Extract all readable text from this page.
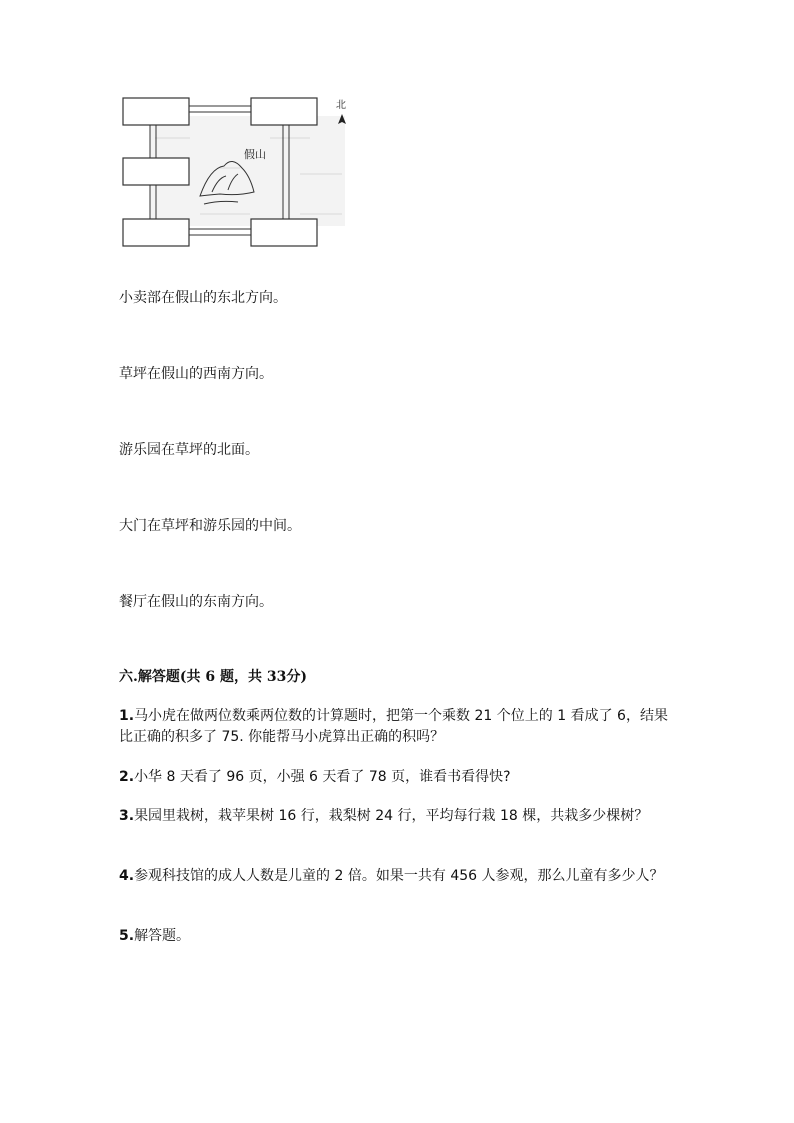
假山
北
小卖部在假山的东北方向。
草坪在假山的西南方向。
游乐园在草坪的北面。
大门在草坪和游乐园的中间。
餐厅在假山的东南方向。
六.解答题(共 6 题，共 33分)
1.马小虎在做两位数乘两位数的计算题时，把第一个乘数 21 个位上的 1 看成了 6，结果比正确的积多了 75. 你能帮马小虎算出正确的积吗？
2.小华 8 天看了 96 页，小强 6 天看了 78 页，谁看书看得快?
3.果园里栽树，栽苹果树 16 行，栽梨树 24 行，平均每行栽 18 棵，共栽多少棵树？
4.参观科技馆的成人人数是儿童的 2 倍。如果一共有 456 人参观，那么儿童有多少人？
5.解答题。
